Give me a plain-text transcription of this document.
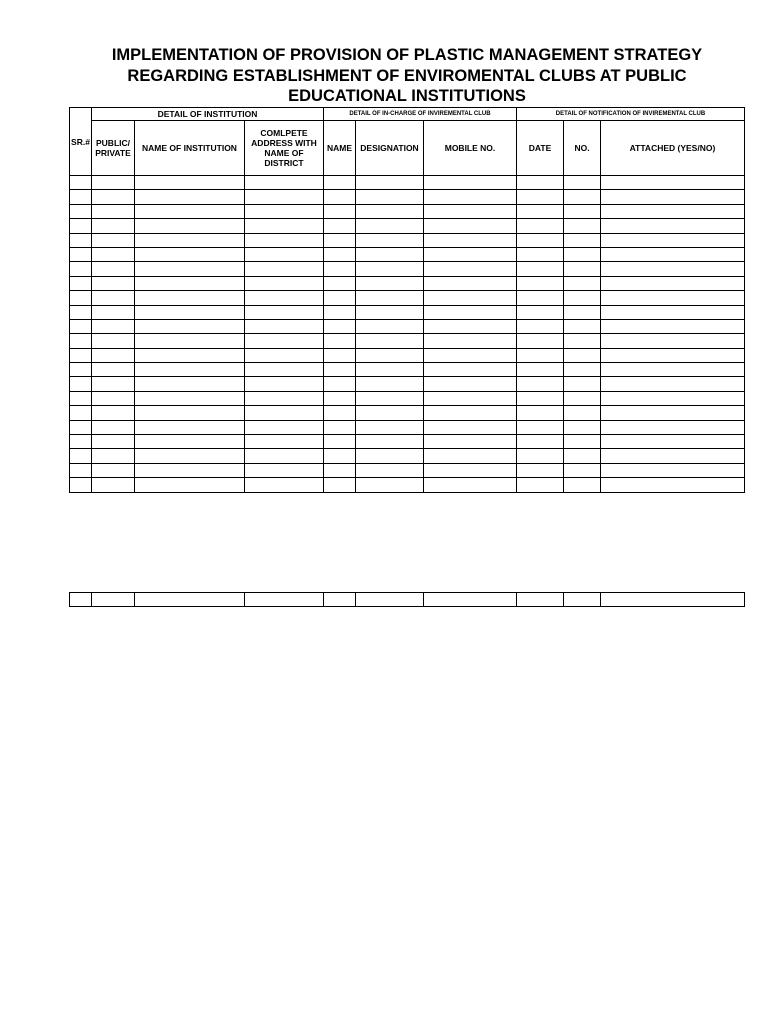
IMPLEMENTATION OF PROVISION OF PLASTIC MANAGEMENT STRATEGY
REGARDING ESTABLISHMENT OF ENVIROMENTAL CLUBS AT PUBLIC
EDUCATIONAL INSTITUTIONS
SR.#	DETAIL OF INSTITUTION			DETAIL OF IN-CHARGE OF INVIREMENTAL CLUB			DETAIL OF NOTIFICATION OF INVIREMENTAL CLUB		
	PUBLIC/ PRIVATE	NAME OF INSTITUTION	COMLPETE ADDRESS WITH NAME OF DISTRICT	NAME	DESIGNATION	MOBILE NO.	DATE	NO.	ATTACHED (YES/NO)
